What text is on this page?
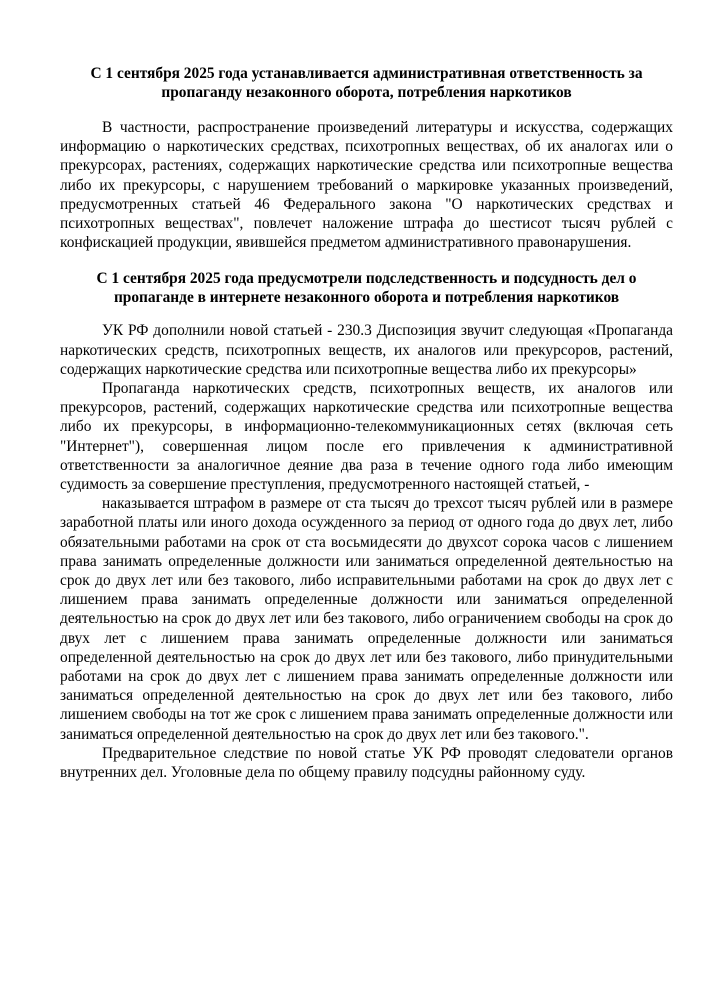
С 1 сентября 2025 года устанавливается административная ответственность за
пропаганду незаконного оборота, потребления наркотиков

В частности, распространение произведений литературы и искусства, содержащих информацию о наркотических средствах, психотропных веществах, об их аналогах или о прекурсорах, растениях, содержащих наркотические средства или психотропные вещества либо их прекурсоры, с нарушением требований о маркировке указанных произведений, предусмотренных статьей 46 Федерального закона "О наркотических средствах и психотропных веществах", повлечет наложение штрафа до шестисот тысяч рублей с конфискацией продукции, явившейся предметом административного правонарушения.

С 1 сентября 2025 года предусмотрели подследственность и подсудность дел о
пропаганде в интернете незаконного оборота и потребления наркотиков

УК РФ дополнили новой статьей - 230.3 Диспозиция звучит следующая «Пропаганда наркотических средств, психотропных веществ, их аналогов или прекурсоров, растений, содержащих наркотические средства или психотропные вещества либо их прекурсоры»

Пропаганда наркотических средств, психотропных веществ, их аналогов или прекурсоров, растений, содержащих наркотические средства или психотропные вещества либо их прекурсоры, в информационно-телекоммуникационных сетях (включая сеть "Интернет"), совершенная лицом после его привлечения к административной ответственности за аналогичное деяние два раза в течение одного года либо имеющим судимость за совершение преступления, предусмотренного настоящей статьей, -

наказывается штрафом в размере от ста тысяч до трехсот тысяч рублей или в размере заработной платы или иного дохода осужденного за период от одного года до двух лет, либо обязательными работами на срок от ста восьмидесяти до двухсот сорока часов с лишением права занимать определенные должности или заниматься определенной деятельностью на срок до двух лет или без такового, либо исправительными работами на срок до двух лет с лишением права занимать определенные должности или заниматься определенной деятельностью на срок до двух лет или без такового, либо ограничением свободы на срок до двух лет с лишением права занимать определенные должности или заниматься определенной деятельностью на срок до двух лет или без такового, либо принудительными работами на срок до двух лет с лишением права занимать определенные должности или заниматься определенной деятельностью на срок до двух лет или без такового, либо лишением свободы на тот же срок с лишением права занимать определенные должности или заниматься определенной деятельностью на срок до двух лет или без такового.".

Предварительное следствие по новой статье УК РФ проводят следователи органов внутренних дел. Уголовные дела по общему правилу подсудны районному суду.
